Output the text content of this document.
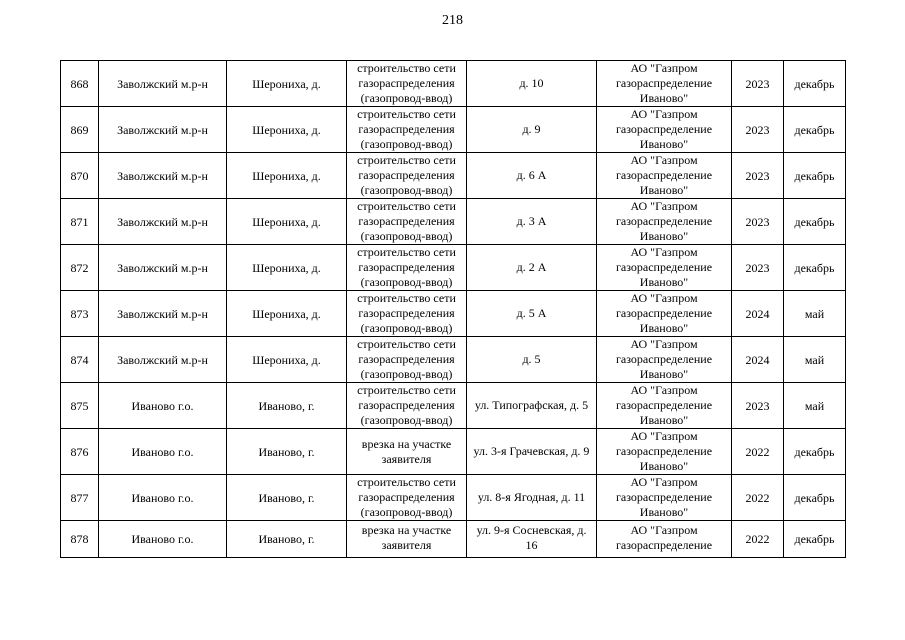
218
868	Заволжский м.р-н	Шерониха, д.	строительство сети газораспределения (газопровод-ввод)	д. 10	АО "Газпром газораспределение Иваново"	2023	декабрь
869	Заволжский м.р-н	Шерониха, д.	строительство сети газораспределения (газопровод-ввод)	д. 9	АО "Газпром газораспределение Иваново"	2023	декабрь
870	Заволжский м.р-н	Шерониха, д.	строительство сети газораспределения (газопровод-ввод)	д. 6 А	АО "Газпром газораспределение Иваново"	2023	декабрь
871	Заволжский м.р-н	Шерониха, д.	строительство сети газораспределения (газопровод-ввод)	д. 3 А	АО "Газпром газораспределение Иваново"	2023	декабрь
872	Заволжский м.р-н	Шерониха, д.	строительство сети газораспределения (газопровод-ввод)	д. 2 А	АО "Газпром газораспределение Иваново"	2023	декабрь
873	Заволжский м.р-н	Шерониха, д.	строительство сети газораспределения (газопровод-ввод)	д. 5 А	АО "Газпром газораспределение Иваново"	2024	май
874	Заволжский м.р-н	Шерониха, д.	строительство сети газораспределения (газопровод-ввод)	д. 5	АО "Газпром газораспределение Иваново"	2024	май
875	Иваново г.о.	Иваново, г.	строительство сети газораспределения (газопровод-ввод)	ул. Типографская, д. 5	АО "Газпром газораспределение Иваново"	2023	май
876	Иваново г.о.	Иваново, г.	врезка на участке заявителя	ул. 3-я Грачевская, д. 9	АО "Газпром газораспределение Иваново"	2022	декабрь
877	Иваново г.о.	Иваново, г.	строительство сети газораспределения (газопровод-ввод)	ул. 8-я Ягодная, д. 11	АО "Газпром газораспределение Иваново"	2022	декабрь
878	Иваново г.о.	Иваново, г.	врезка на участке заявителя	ул. 9-я Сосневская, д. 16	АО "Газпром газораспределение	2022	декабрь
